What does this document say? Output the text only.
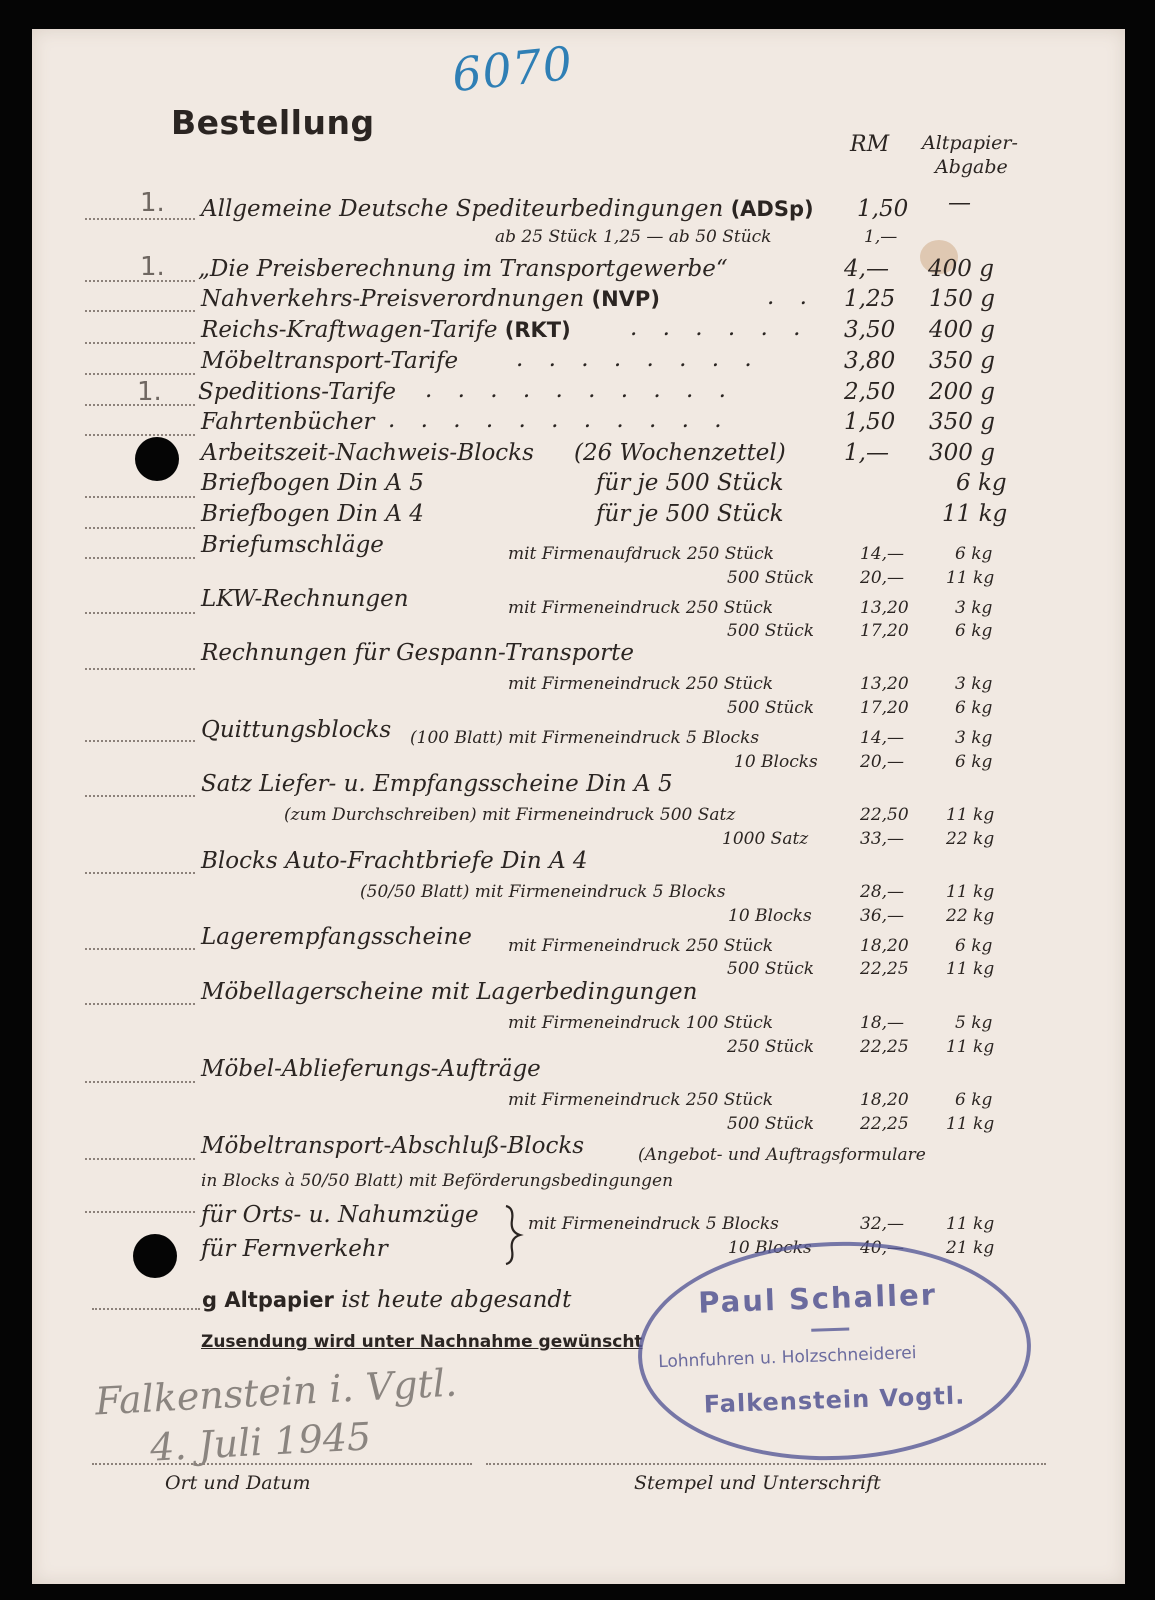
6070
Bestellung
RM Altpapier-
Abgabe
1.
1.
1.
Allgemeine Deutsche Spediteurbedingungen (ADSp) 1,50 —
ab 25 Stück 1,25 — ab 50 Stück	1,—
„Die Preisberechnung im Transportgewerbe“	4,— 400 g
Nahverkehrs-Preisverordnungen (NVP)	. . 1,25 150 g
Reichs-Kraftwagen-Tarife (RKT)	. . . . . . 3,50 400 g
Möbeltransport-Tarife	. . . . . . . .	3,80 350 g
Speditions-Tarife . . . . . . . . . .	2,50 200 g
Fahrtenbücher . . . . . . . . . . .	1,50 350 g
Arbeitszeit-Nachweis-Blocks (26 Wochenzettel)	1,— 300 g
Briefbogen Din A 5	für je 500 Stück	6 kg
Briefbogen Din A 4	für je 500 Stück	11 kg
Briefumschläge	mit Firmenaufdruck 250 Stück	14,—	6 kg
500 Stück	20,— 11 kg
LKW-Rechnungen	mit Firmeneindruck 250 Stück	13,20	3 kg
500 Stück	17,20	6 kg
Rechnungen für Gespann-Transporte
mit Firmeneindruck 250 Stück	13,20	3 kg
500 Stück	17,20	6 kg
Quittungsblocks (100 Blatt) mit Firmeneindruck 5 Blocks	14,—	3 kg
10 Blocks 20,—	6 kg
Satz Liefer- u. Empfangsscheine Din A 5
(zum Durchschreiben) mit Firmeneindruck 500 Satz	22,50 11 kg
1000 Satz	33,— 22 kg
Blocks Auto-Frachtbriefe Din A 4
(50/50 Blatt) mit Firmeneindruck 5 Blocks	28,— 11 kg
10 Blocks	36,— 22 kg
Lagerempfangsscheine mit Firmeneindruck 250 Stück	18,20	6 kg
500 Stück	22,25 11 kg
Möbellagerscheine mit Lagerbedingungen
mit Firmeneindruck 100 Stück	18,—	5 kg
250 Stück	22,25 11 kg
Möbel-Ablieferungs-Aufträge
mit Firmeneindruck 250 Stück	18,20	6 kg
500 Stück	22,25 11 kg
Möbeltransport-Abschluß-Blocks	(Angebot- und Auftragsformulare
in Blocks à 50/50 Blatt) mit Beförderungsbedingungen
für Orts- u. Nahumzüge
für Fernverkehr
mit Firmeneindruck 5 Blocks	32,— 11 kg
10 Blocks	40,— 21 kg
g Altpapier ist heute abgesandt
Zusendung wird unter Nachnahme gewünscht
Falkenstein i. Vgtl.
4. Juli 1945
Ort und Datum	Stempel und Unterschrift
Paul Schaller
Lohnfuhren u. Holzschneiderei
Falkenstein Vogtl.
